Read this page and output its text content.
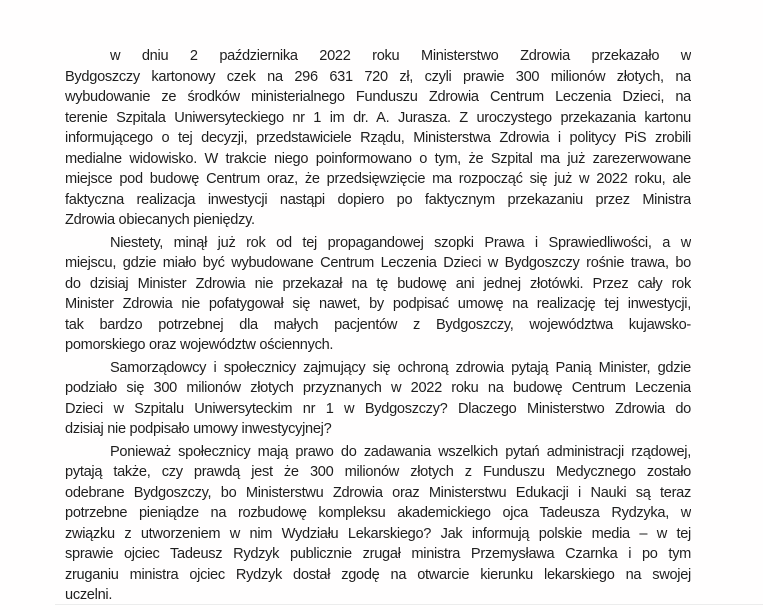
w dniu 2 października 2022 roku Ministerstwo Zdrowia przekazało w
Bydgoszczy kartonowy czek na 296 631 720 zł, czyli prawie 300 milionów złotych, na
wybudowanie ze środków ministerialnego Funduszu Zdrowia Centrum Leczenia Dzieci, na
terenie Szpitala Uniwersyteckiego nr 1 im dr. A. Jurasza. Z uroczystego przekazania kartonu
informującego o tej decyzji, przedstawiciele Rządu, Ministerstwa Zdrowia i politycy PiS zrobili
medialne widowisko. W trakcie niego poinformowano o tym, że Szpital ma już zarezerwowane
miejsce pod budowę Centrum oraz, że przedsięwzięcie ma rozpocząć się już w 2022 roku, ale
faktyczna realizacja inwestycji nastąpi dopiero po faktycznym przekazaniu przez Ministra
Zdrowia obiecanych pieniędzy.

Niestety, minął już rok od tej propagandowej szopki Prawa i Sprawiedliwości, a w
miejscu, gdzie miało być wybudowane Centrum Leczenia Dzieci w Bydgoszczy rośnie trawa, bo
do dzisiaj Minister Zdrowia nie przekazał na tę budowę ani jednej złotówki. Przez cały rok
Minister Zdrowia nie pofatygował się nawet, by podpisać umowę na realizację tej inwestycji,
tak bardzo potrzebnej dla małych pacjentów z Bydgoszczy, województwa kujawsko-
pomorskiego oraz województw ościennych.

Samorządowcy i społecznicy zajmujący się ochroną zdrowia pytają Panią Minister, gdzie
podziało się 300 milionów złotych przyznanych w 2022 roku na budowę Centrum Leczenia
Dzieci w Szpitalu Uniwersyteckim nr 1 w Bydgoszczy? Dlaczego Ministerstwo Zdrowia do
dzisiaj nie podpisało umowy inwestycyjnej?

Ponieważ społecznicy mają prawo do zadawania wszelkich pytań administracji rządowej,
pytają także, czy prawdą jest że 300 milionów złotych z Funduszu Medycznego zostało
odebrane Bydgoszczy, bo Ministerstwu Zdrowia oraz Ministerstwu Edukacji i Nauki są teraz
potrzebne pieniądze na rozbudowę kompleksu akademickiego ojca Tadeusza Rydzyka, w
związku z utworzeniem w nim Wydziału Lekarskiego? Jak informują polskie media – w tej
sprawie ojciec Tadeusz Rydzyk publicznie zrugał ministra Przemysława Czarnka i po tym
zruganiu ministra ojciec Rydzyk dostał zgodę na otwarcie kierunku lekarskiego na swojej
uczelni.
